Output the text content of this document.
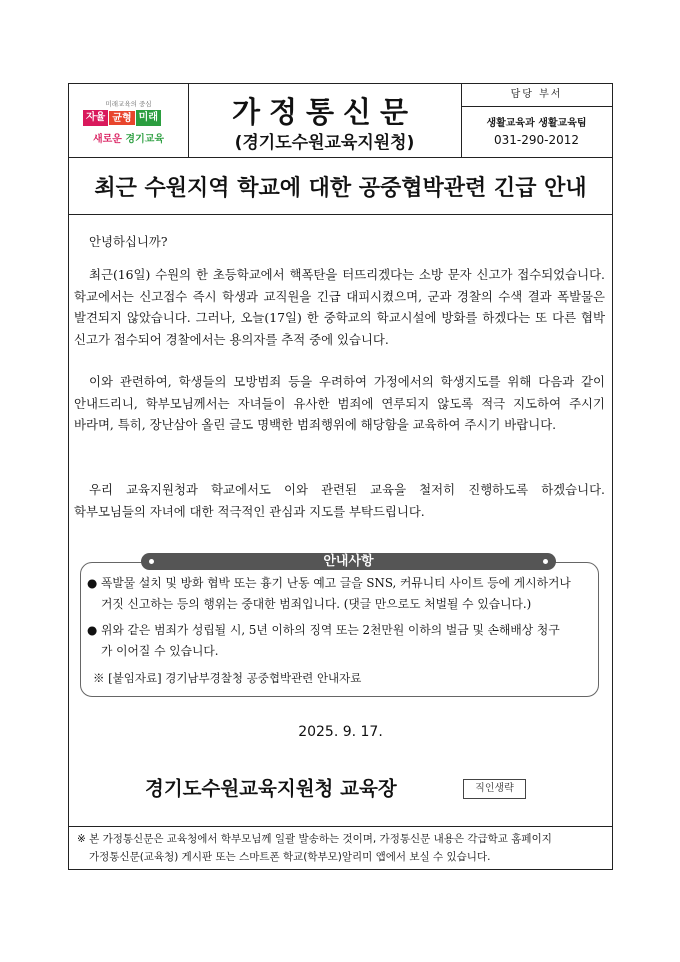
미래교육의 중심
자율 균형 미래
새로운 경기교육
가정통신문
(경기도수원교육지원청)
담당 부서
생활교육과 생활교육팀
031-290-2012
최근 수원지역 학교에 대한 공중협박관련 긴급 안내

안녕하십니까?

최근(16일) 수원의 한 초등학교에서 핵폭탄을 터뜨리겠다는 소방 문자 신고가 접수되었습니다. 학교에서는 신고접수 즉시 학생과 교직원을 긴급 대피시켰으며, 군과 경찰의 수색 결과 폭발물은 발견되지 않았습니다. 그러나, 오늘(17일) 한 중학교의 학교시설에 방화를 하겠다는 또 다른 협박 신고가 접수되어 경찰에서는 용의자를 추적 중에 있습니다.

이와 관련하여, 학생들의 모방범죄 등을 우려하여 가정에서의 학생지도를 위해 다음과 같이 안내드리니, 학부모님께서는 자녀들이 유사한 범죄에 연루되지 않도록 적극 지도하여 주시기 바라며, 특히, 장난삼아 올린 글도 명백한 범죄행위에 해당함을 교육하여 주시기 바랍니다.

우리 교육지원청과 학교에서도 이와 관련된 교육을 철저히 진행하도록 하겠습니다. 학부모님들의 자녀에 대한 적극적인 관심과 지도를 부탁드립니다.

안내사항

● 폭발물 설치 및 방화 협박 또는 흉기 난동 예고 글을 SNS, 커뮤니티 사이트 등에 게시하거나 거짓 신고하는 등의 행위는 중대한 범죄입니다. (댓글 만으로도 처벌될 수 있습니다.)

● 위와 같은 범죄가 성립될 시, 5년 이하의 징역 또는 2천만원 이하의 벌금 및 손해배상 청구가 이어질 수 있습니다.

※ [붙임자료] 경기남부경찰청 공중협박관련 안내자료
2025. 9. 17.
경기도수원교육지원청 교육장	직인생략
※ 본 가정통신문은 교육청에서 학부모님께 일괄 발송하는 것이며, 가정통신문 내용은 각급학교 홈페이지
가정통신문(교육청) 게시판 또는 스마트폰 학교(학부모)알리미 앱에서 보실 수 있습니다.
